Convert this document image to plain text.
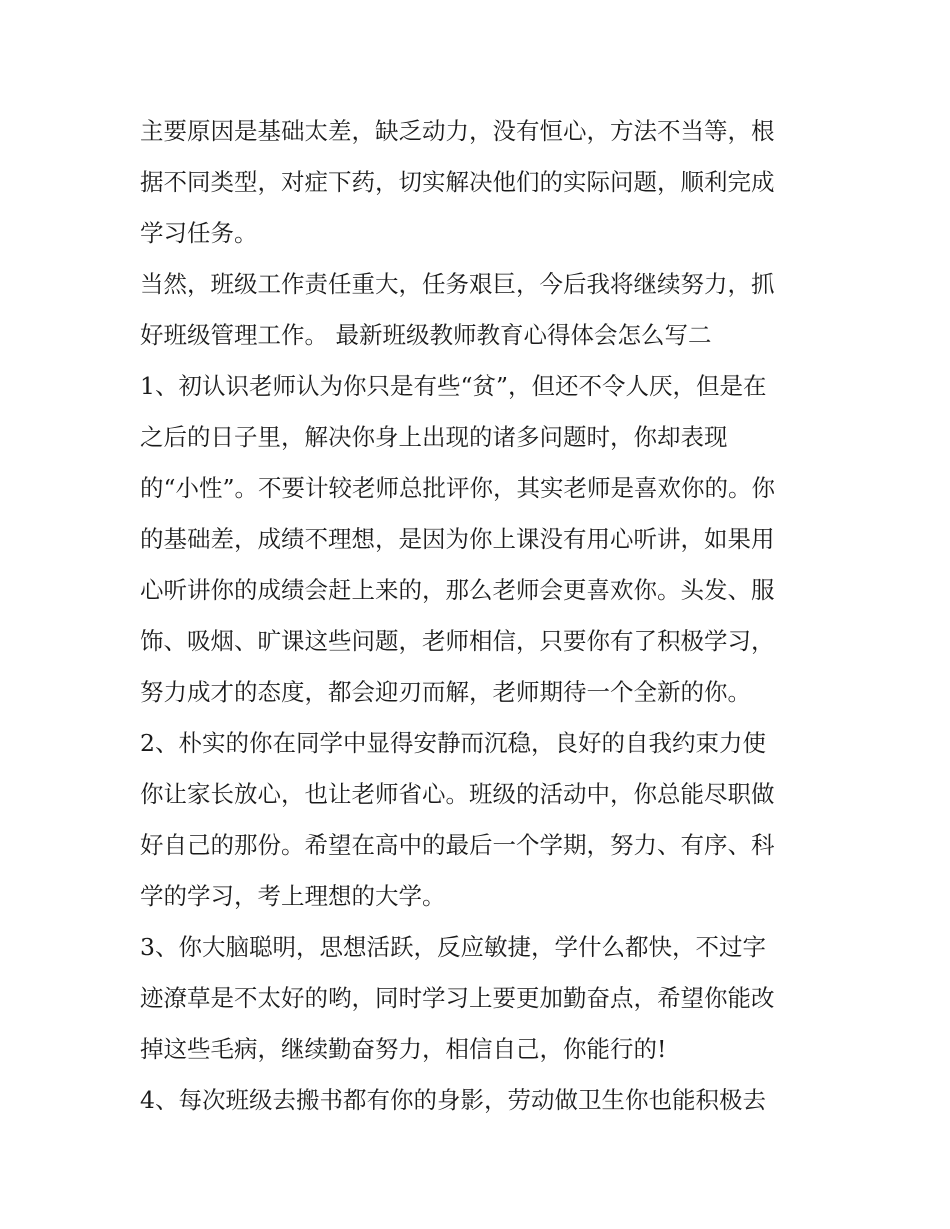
主要原因是基础太差，缺乏动力，没有恒心，方法不当等，根
据不同类型，对症下药，切实解决他们的实际问题，顺利完成
学习任务。
当然，班级工作责任重大，任务艰巨，今后我将继续努力，抓
好班级管理工作。 最新班级教师教育心得体会怎么写二
1、初认识老师认为你只是有些“贫”，但还不令人厌，但是在
之后的日子里，解决你身上出现的诸多问题时，你却表现
的“小性”。不要计较老师总批评你，其实老师是喜欢你的。你
的基础差，成绩不理想，是因为你上课没有用心听讲，如果用
心听讲你的成绩会赶上来的，那么老师会更喜欢你。头发、服
饰、吸烟、旷课这些问题，老师相信，只要你有了积极学习，
努力成才的态度，都会迎刃而解，老师期待一个全新的你。
2、朴实的你在同学中显得安静而沉稳，良好的自我约束力使
你让家长放心，也让老师省心。班级的活动中，你总能尽职做
好自己的那份。希望在高中的最后一个学期，努力、有序、科
学的学习，考上理想的大学。
3、你大脑聪明，思想活跃，反应敏捷，学什么都快，不过字
迹潦草是不太好的哟，同时学习上要更加勤奋点，希望你能改
掉这些毛病，继续勤奋努力，相信自己，你能行的!
4、每次班级去搬书都有你的身影，劳动做卫生你也能积极去
